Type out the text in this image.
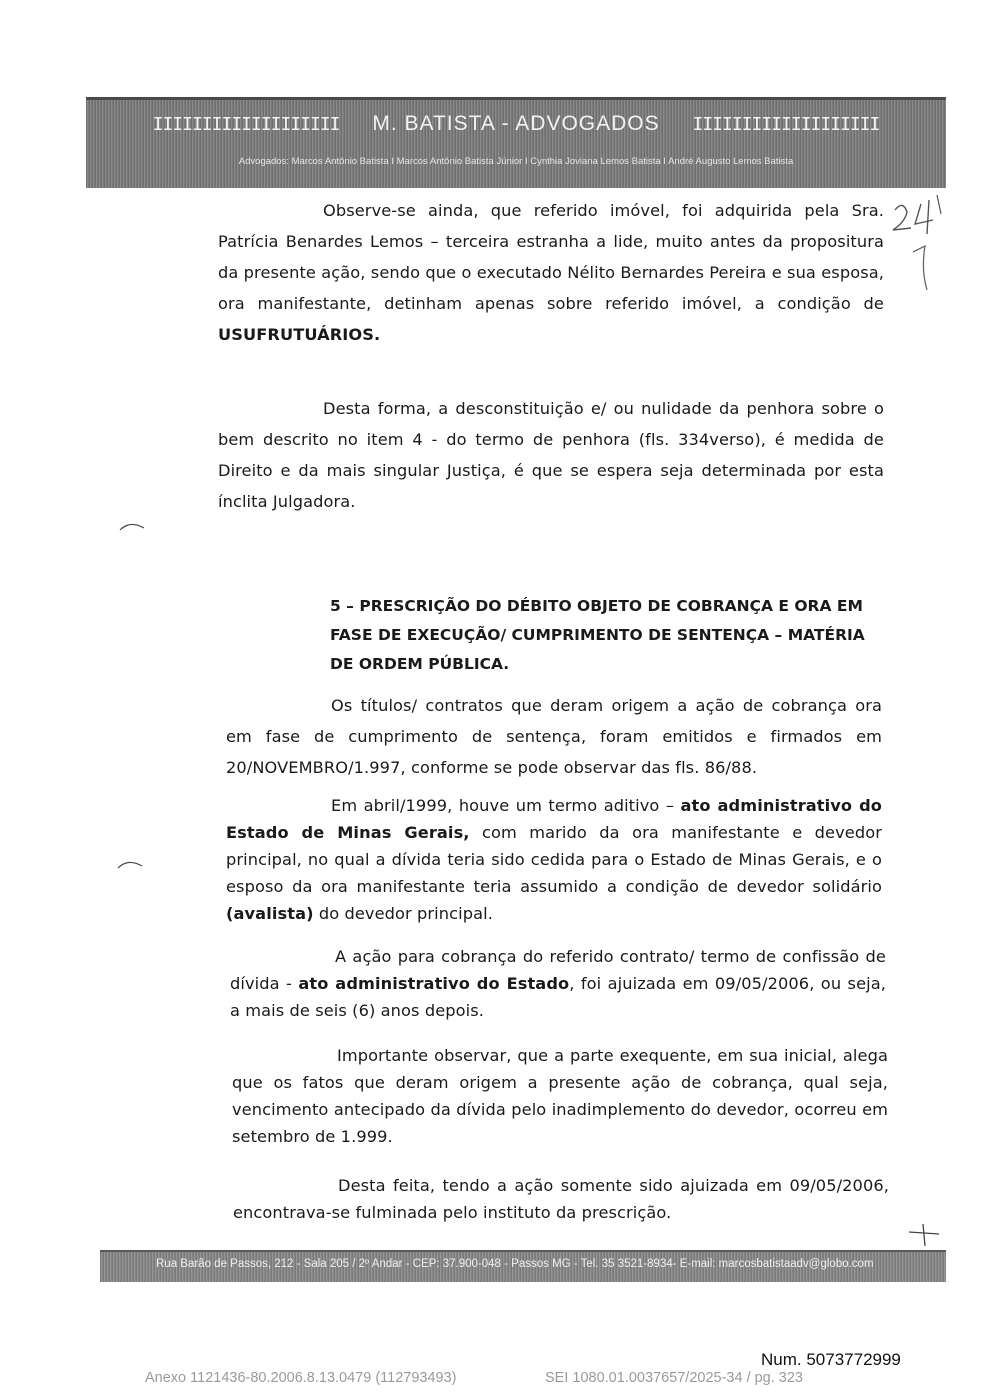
IIIIIIIIIIIIIIIIIII M. BATISTA - ADVOGADOS IIIIIIIIIIIIIIIIIII
Advogados: Marcos Antônio Batista I Marcos Antônio Batista Júnior I Cynthia Joviana Lemos Batista I André Augusto Lemos Batista

Observe-se ainda, que referido imóvel, foi adquirida pela Sra. Patrícia Benardes Lemos – terceira estranha a lide, muito antes da propositura da presente ação, sendo que o executado Nélito Bernardes Pereira e sua esposa, ora manifestante, detinham apenas sobre referido imóvel, a condição de USUFRUTUÁRIOS.

Desta forma, a desconstituição e/ ou nulidade da penhora sobre o bem descrito no item 4 - do termo de penhora (fls. 334verso), é medida de Direito e da mais singular Justiça, é que se espera seja determinada por esta ínclita Julgadora.

5 – PRESCRIÇÃO DO DÉBITO OBJETO DE COBRANÇA E ORA EM FASE DE EXECUÇÃO/ CUMPRIMENTO DE SENTENÇA – MATÉRIA DE ORDEM PÚBLICA.

Os títulos/ contratos que deram origem a ação de cobrança ora em fase de cumprimento de sentença, foram emitidos e firmados em 20/NOVEMBRO/1.997, conforme se pode observar das fls. 86/88.

Em abril/1999, houve um termo aditivo – ato administrativo do Estado de Minas Gerais, com marido da ora manifestante e devedor principal, no qual a dívida teria sido cedida para o Estado de Minas Gerais, e o esposo da ora manifestante teria assumido a condição de devedor solidário (avalista) do devedor principal.

A ação para cobrança do referido contrato/ termo de confissão de dívida - ato administrativo do Estado, foi ajuizada em 09/05/2006, ou seja, a mais de seis (6) anos depois.

Importante observar, que a parte exequente, em sua inicial, alega que os fatos que deram origem a presente ação de cobrança, qual seja, vencimento antecipado da dívida pelo inadimplemento do devedor, ocorreu em setembro de 1.999.

Desta feita, tendo a ação somente sido ajuizada em 09/05/2006, encontrava-se fulminada pelo instituto da prescrição.

Rua Barão de Passos, 212 - Sala 205 / 2º Andar - CEP: 37.900-048 - Passos MG - Tel. 35 3521-8934- E-mail: marcosbatistaadv@globo.com
Num. 5073772999
Anexo 1121436-80.2006.8.13.0479 (112793493)	SEI 1080.01.0037657/2025-34 / pg. 323
